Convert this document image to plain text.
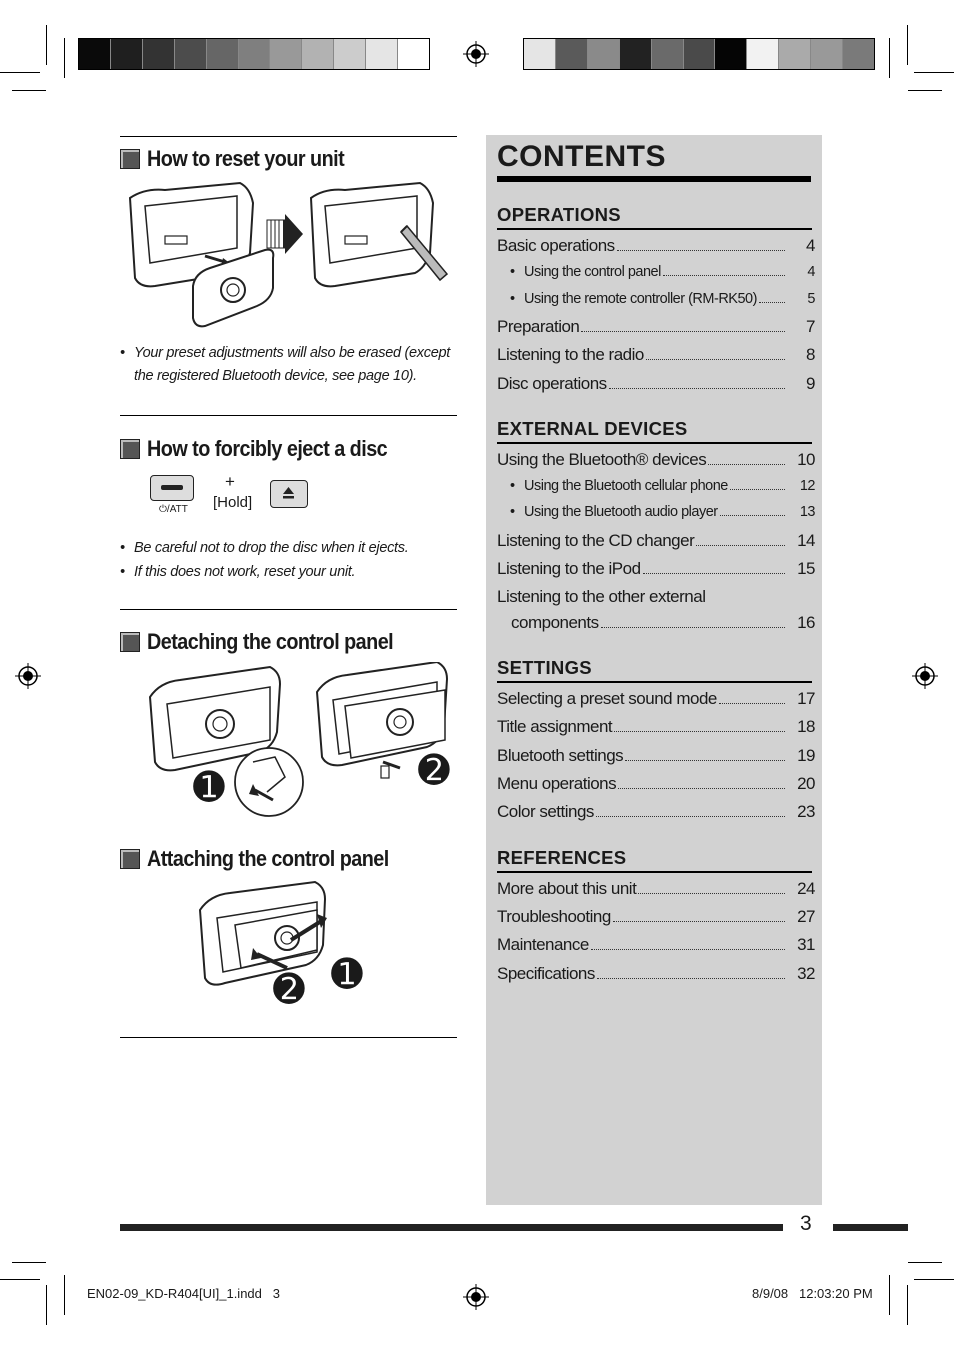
How to reset your unit
• Your preset adjustments will also be erased (except the registered Bluetooth device, see page 10).
How to forcibly eject a disc
⏻/ATT
+
[Hold]
• Be careful not to drop the disc when it ejects.
• If this does not work, reset your unit.
Detaching the control panel
➊	➋
Attaching the control panel
➊
➋
CONTENTS
OPERATIONS
Basic operations	4
• Using the control panel	4
• Using the remote controller (RM-RK50)	5
Preparation	7
Listening to the radio	8
Disc operations	9
EXTERNAL DEVICES
Using the Bluetooth® devices	10
• Using the Bluetooth cellular phone	12
• Using the Bluetooth audio player	13
Listening to the CD changer	14
Listening to the iPod	15
Listening to the other external
components	16
SETTINGS
Selecting a preset sound mode	17
Title assignment	18
Bluetooth settings	19
Menu operations	20
Color settings	23
REFERENCES
More about this unit	24
Troubleshooting	27
Maintenance	31
Specifications	32
3
EN02-09_KD-R404[UI]_1.indd   3	8/9/08   12:03:20 PM
